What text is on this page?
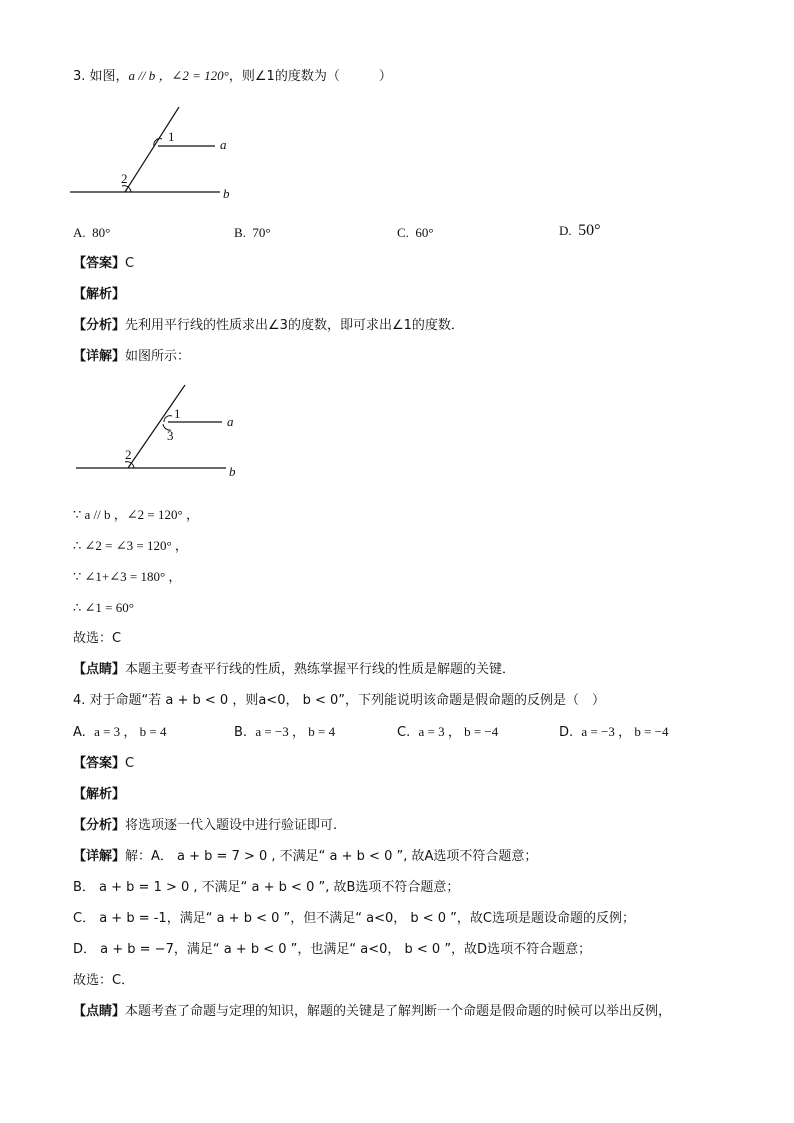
3. 如图，a // b ，∠2 = 120°，则∠1的度数为（　　　）
1
2
a
b
A. 80°	B. 70°	C. 60°	D. 50°
【答案】C
【解析】
【分析】先利用平行线的性质求出∠3的度数，即可求出∠1的度数．
【详解】如图所示：
1
3
2
a
b
∵ a // b ，∠2 = 120° ，
∴ ∠2 = ∠3 = 120° ，
∵ ∠1+∠3 = 180° ，
∴ ∠1 = 60°
故选：C
【点睛】本题主要考查平行线的性质，熟练掌握平行线的性质是解题的关键．
4. 对于命题“若 a + b < 0 ，则a<0， b < 0”，下列能说明该命题是假命题的反例是（　）
A. a = 3 ， b = 4	B. a = −3 ， b = 4	C. a = 3 ， b = −4	D. a = −3 ， b = −4
【答案】C
【解析】
【分析】将选项逐一代入题设中进行验证即可.
【详解】解：A． a + b = 7 > 0 , 不满足“ a + b < 0 ”, 故A选项不符合题意；
B． a + b = 1 > 0 , 不满足“ a + b < 0 ”, 故B选项不符合题意；
C． a + b = -1，满足“ a + b < 0 ”，但不满足“ a<0， b < 0 ”，故C选项是题设命题的反例；
D． a + b = −7，满足“ a + b < 0 ”，也满足“ a<0， b < 0 ”，故D选项不符合题意；
故选：C．
【点睛】本题考查了命题与定理的知识，解题的关键是了解判断一个命题是假命题的时候可以举出反例，
